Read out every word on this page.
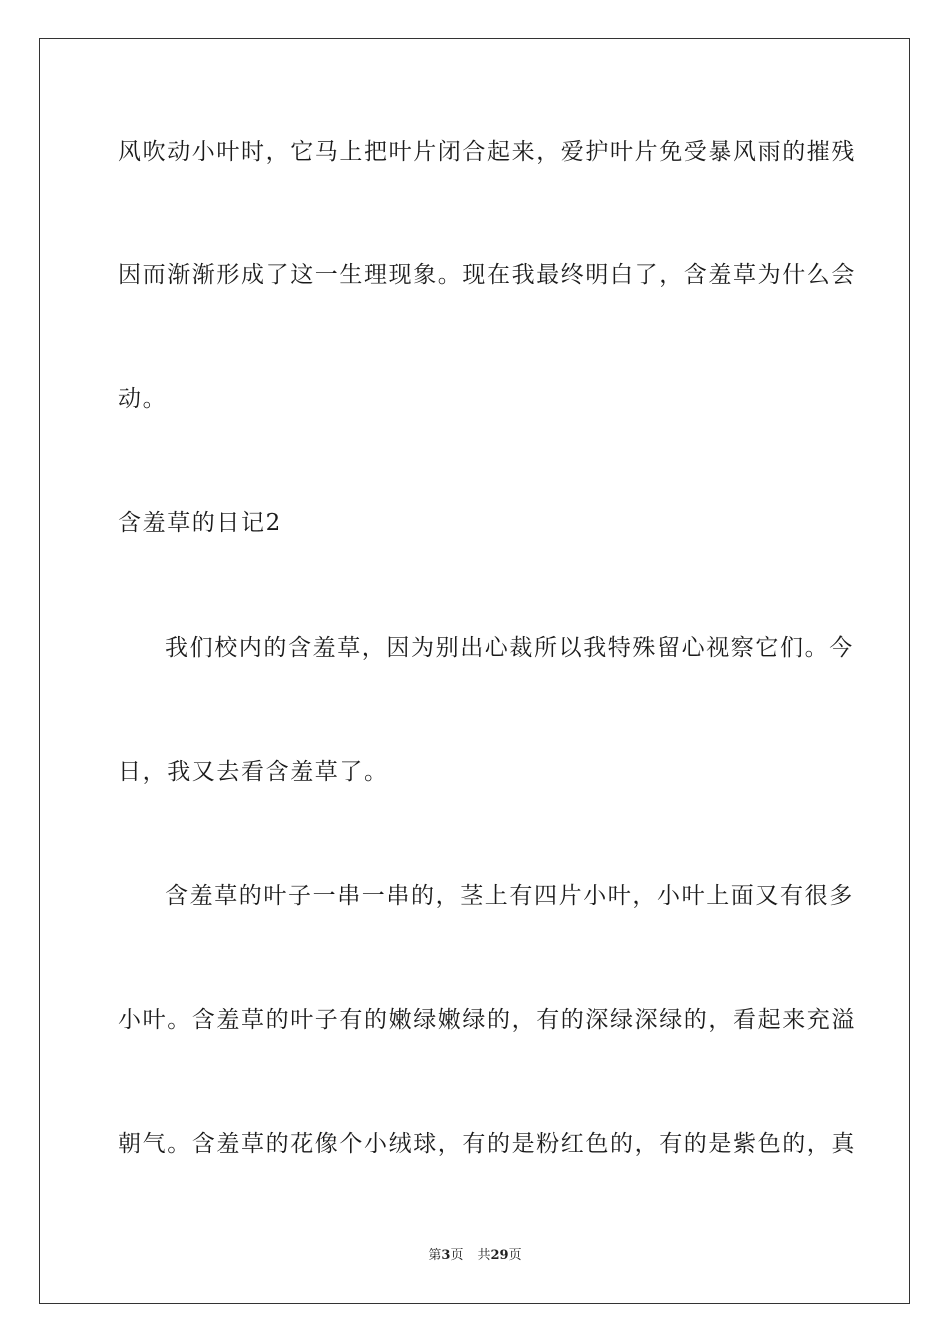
风吹动小叶时，它马上把叶片闭合起来，爱护叶片免受暴风雨的摧残
因而渐渐形成了这一生理现象。现在我最终明白了，含羞草为什么会
动。
含羞草的日记2
我们校内的含羞草，因为别出心裁所以我特殊留心视察它们。今
日，我又去看含羞草了。
含羞草的叶子一串一串的，茎上有四片小叶，小叶上面又有很多
小叶。含羞草的叶子有的嫩绿嫩绿的，有的深绿深绿的，看起来充溢
朝气。含羞草的花像个小绒球，有的是粉红色的，有的是紫色的，真
第3页 共29页
